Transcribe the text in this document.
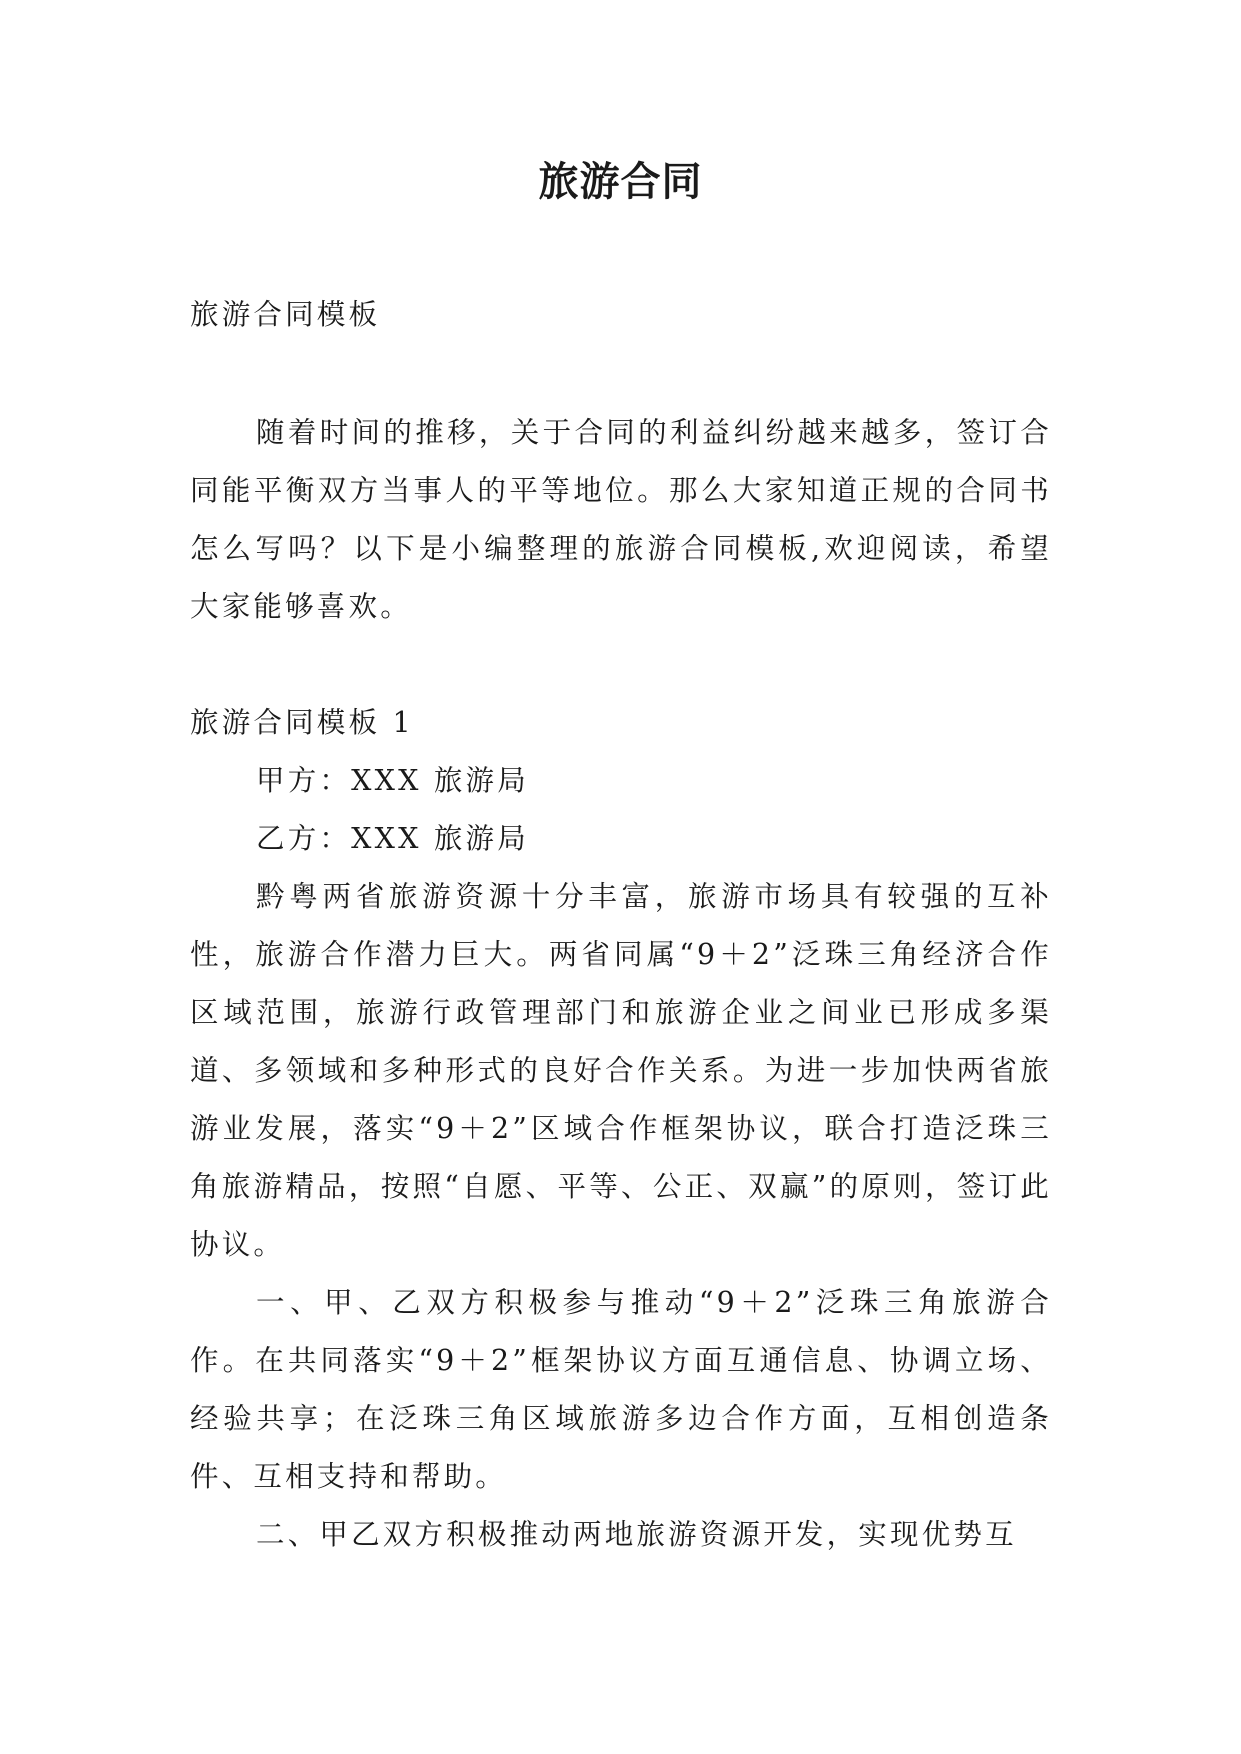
旅游合同

旅游合同模板

随着时间的推移，关于合同的利益纠纷越来越多，签订合同能平衡双方当事人的平等地位。那么大家知道正规的合同书怎么写吗？以下是小编整理的旅游合同模板,欢迎阅读，希望大家能够喜欢。

旅游合同模板 1

甲方：XXX 旅游局

乙方：XXX 旅游局

黔粤两省旅游资源十分丰富，旅游市场具有较强的互补性，旅游合作潜力巨大。两省同属“9＋2”泛珠三角经济合作区域范围，旅游行政管理部门和旅游企业之间业已形成多渠道、多领域和多种形式的良好合作关系。为进一步加快两省旅游业发展，落实“9＋2”区域合作框架协议，联合打造泛珠三角旅游精品，按照“自愿、平等、公正、双赢”的原则，签订此协议。

一、甲、乙双方积极参与推动“9＋2”泛珠三角旅游合作。在共同落实“9＋2”框架协议方面互通信息、协调立场、经验共享；在泛珠三角区域旅游多边合作方面，互相创造条件、互相支持和帮助。

二、甲乙双方积极推动两地旅游资源开发，实现优势互
